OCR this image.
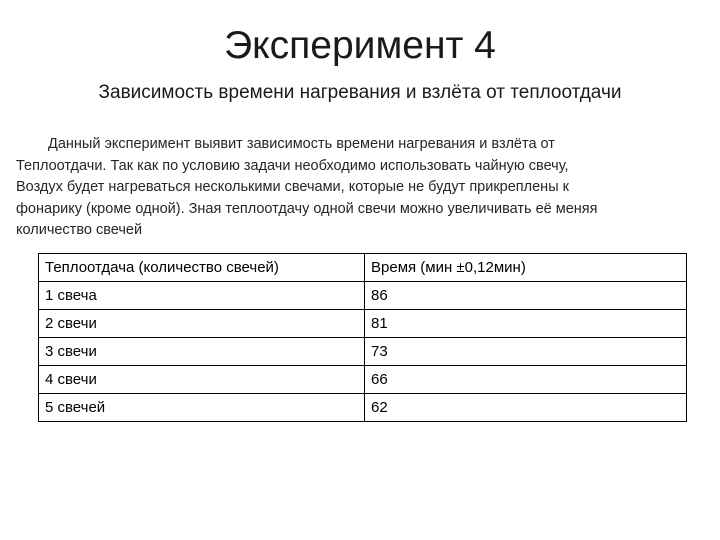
Эксперимент 4
Зависимость времени нагревания и взлёта от теплоотдачи
Данный эксперимент выявит зависимость времени нагревания и взлёта от
Теплоотдачи. Так как по условию задачи необходимо использовать чайную свечу,
Воздух будет нагреваться несколькими свечами, которые не будут прикреплены к
фонарику (кроме одной). Зная теплоотдачу одной свечи можно увеличивать её меняя
количество свечей
Теплоотдача (количество свечей)	Время (мин ±0,12мин)
1 свеча	86
2 свечи	81
3 свечи	73
4 свечи	66
5 свечей	62
